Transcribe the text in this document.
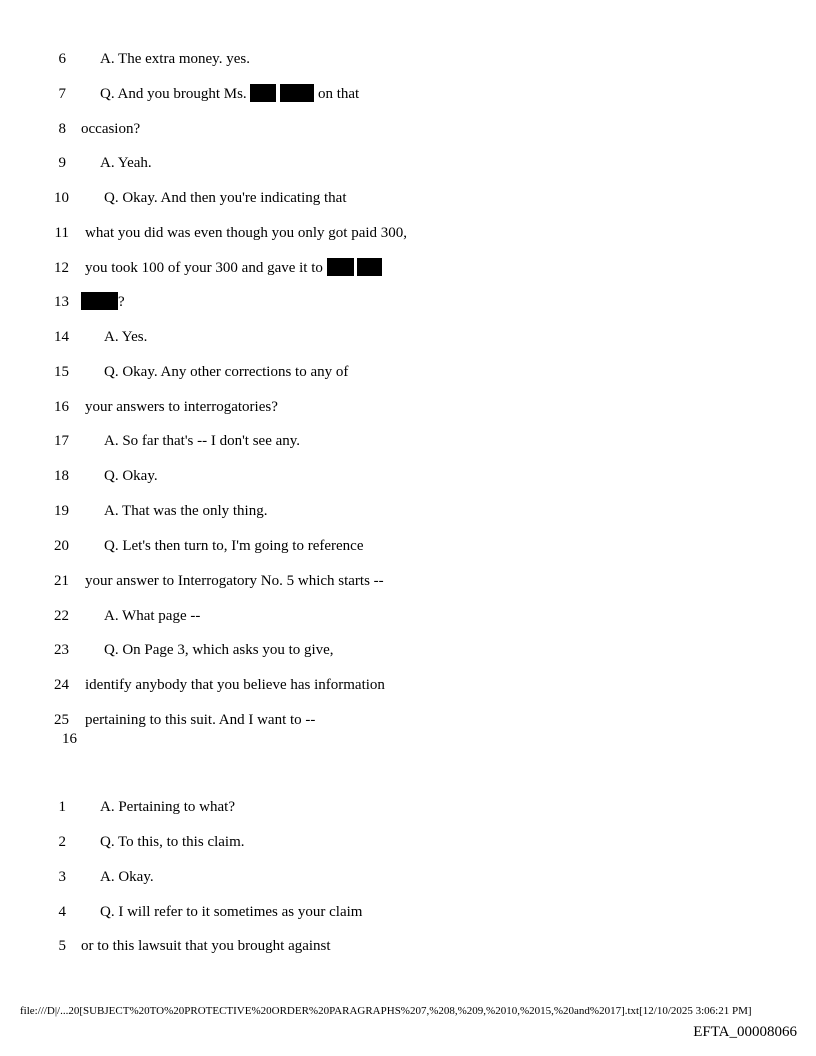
6 A. The extra money. yes.
7 Q. And you brought Ms.	on that
8 occasion?
9 A. Yeah.
10 Q. Okay. And then you're indicating that
11 what you did was even though you only got paid 300,
12 you took 100 of your 300 and gave it to
13	?
14 A. Yes.
15 Q. Okay. Any other corrections to any of
16 your answers to interrogatories?
17 A. So far that's -- I don't see any.
18 Q. Okay.
19 A. That was the only thing.
20 Q. Let's then turn to, I'm going to reference
21 your answer to Interrogatory No. 5 which starts --
22 A. What page --
23 Q. On Page 3, which asks you to give,
24 identify anybody that you believe has information
25 pertaining to this suit. And I want to --
16
1 A. Pertaining to what?
2 Q. To this, to this claim.
3 A. Okay.
4 Q. I will refer to it sometimes as your claim
5 or to this lawsuit that you brought against
file:///D|/...20[SUBJECT%20TO%20PROTECTIVE%20ORDER%20PARAGRAPHS%207,%208,%209,%2010,%2015,%20and%2017].txt[12/10/2025 3:06:21 PM]
EFTA_00008066
